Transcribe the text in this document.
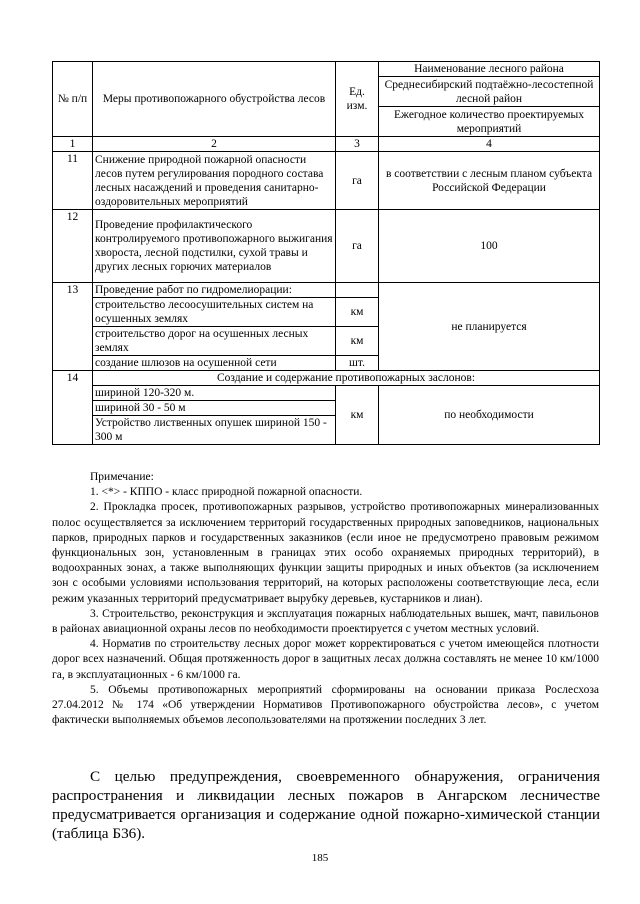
№ п/п	Меры противопожарного обустройства лесов	Ед. изм.	Наименование лесного района
			Среднесибирский подтаёжно-лесостепной лесной район
			Ежегодное количество проектируемых мероприятий
1	2	3	4
11	Снижение природной пожарной опасности лесов путем регулирования породного состава лесных насаждений и проведения санитарно-оздоровительных мероприятий	га	в соответствии с лесным планом субъекта Российской Федерации
12	Проведение профилактического контролируемого противопожарного выжигания хворостa, лесной подстилки, сухой травы и других лесных горючих материалов	га	100
13	Проведение работ по гидромелиорации:		не планируется
	строительство лесоосушительных систем на осушенных землях	км	
	строительство дорог на осушенных лесных землях	км	
	создание шлюзов на осушенной сети	шт.	
14	Создание и содержание противопожарных заслонов:		
	шириной 120-320 м.	км	по необходимости
	шириной 30 - 50 м		
	Устройство лиственных опушек шириной 150 - 300 м		

Примечание:

1. <*> - КППО - класс природной пожарной опасности.

2. Прокладка просек, противопожарных разрывов, устройство противопожарных минерализованных полос осуществляется за исключением территорий государственных природных заповедников, национальных парков, природных парков и государственных заказников (если иное не предусмотрено правовым режимом функциональных зон, установленным в границах этих особо охраняемых природных территорий), в водоохранных зонах, а также выполняющих функции защиты природных и иных объектов (за исключением зон с особыми условиями использования территорий, на которых расположены соответствующие леса, если режим указанных территорий предусматривает вырубку деревьев, кустарников и лиан).

3. Строительство, реконструкция и эксплуатация пожарных наблюдательных вышек, мачт, павильонов в районах авиационной охраны лесов по необходимости проектируется с учетом местных условий.

4. Норматив по строительству лесных дорог может корректироваться с учетом имеющейся плотности дорог всех назначений. Общая протяженность дорог в защитных лесах должна составлять не менее 10 км/1000 га, в эксплуатационных - 6 км/1000 га.

5. Объемы противопожарных мероприятий сформированы на основании приказа Рослесхоза 27.04.2012 № 174 «Об утверждении Нормативов Противопожарного обустройства лесов», с учетом фактически выполняемых объемов лесопользователями на протяжении последних 3 лет.

С целью предупреждения, своевременного обнаружения, ограничения распространения и ликвидации лесных пожаров в Ангарском лесничестве предусматривается организация и содержание одной пожарно-химической станции (таблица Б36).

185
